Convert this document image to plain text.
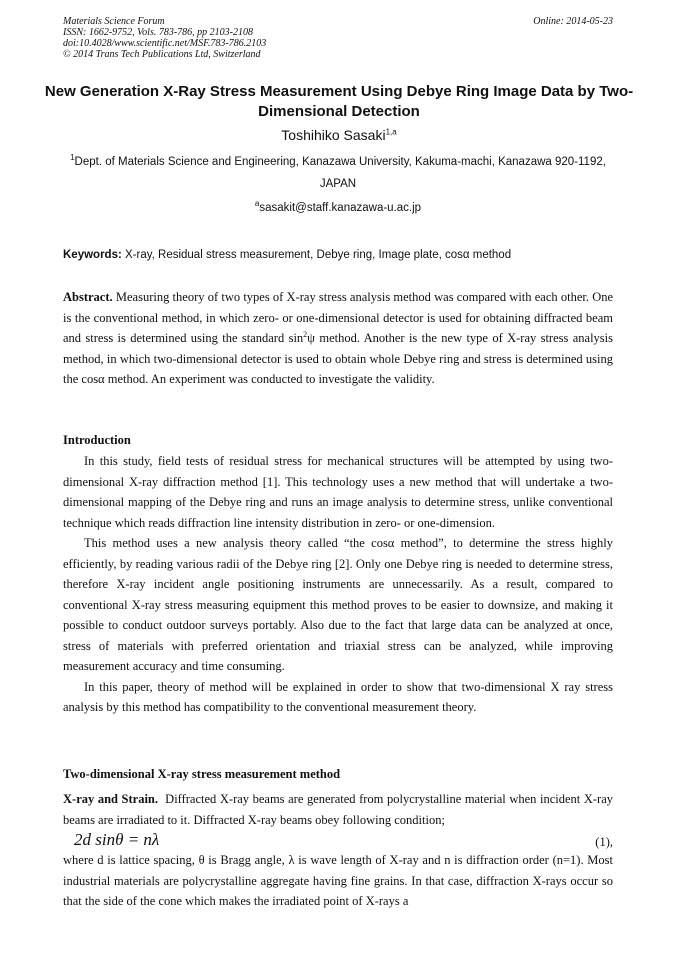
Materials Science Forum
ISSN: 1662-9752, Vols. 783-786, pp 2103-2108
doi:10.4028/www.scientific.net/MSF.783-786.2103
© 2014 Trans Tech Publications Ltd, Switzerland
Online: 2014-05-23
New Generation X-Ray Stress Measurement Using Debye Ring Image Data by Two-Dimensional Detection
Toshihiko Sasaki$^{1,a}$
$^1$Dept. of Materials Science and Engineering, Kanazawa University, Kakuma-machi, Kanazawa 920-1192, JAPAN
$^a$sasakit@staff.kanazawa-u.ac.jp
Keywords: X-ray, Residual stress measurement, Debye ring, Image plate, cosα method
Abstract. Measuring theory of two types of X-ray stress analysis method was compared with each other. One is the conventional method, in which zero- or one-dimensional detector is used for obtaining diffracted beam and stress is determined using the standard $\sin^2\psi$ method. Another is the new type of X-ray stress analysis method, in which two-dimensional detector is used to obtain whole Debye ring and stress is determined using the cosα method. An experiment was conducted to investigate the validity.
Introduction

In this study, field tests of residual stress for mechanical structures will be attempted by using two-dimensional X-ray diffraction method [1]. This technology uses a new method that will undertake a two-dimensional mapping of the Debye ring and runs an image analysis to determine stress, unlike conventional technique which reads diffraction line intensity distribution in zero- or one-dimension.

This method uses a new analysis theory called “the cosα method”, to determine the stress highly efficiently, by reading various radii of the Debye ring [2]. Only one Debye ring is needed to determine stress, therefore X-ray incident angle positioning instruments are unnecessarily. As a result, compared to conventional X-ray stress measuring equipment this method proves to be easier to downsize, and making it possible to conduct outdoor surveys portably. Also due to the fact that large data can be analyzed at once, stress of materials with preferred orientation and triaxial stress can be analyzed, while improving measurement accuracy and time consuming.

In this paper, theory of method will be explained in order to show that two-dimensional X ray stress analysis by this method has compatibility to the conventional measurement theory.

Two-dimensional X-ray stress measurement method
X-ray and Strain. Diffracted X-ray beams are generated from polycrystalline material when incident X-ray beams are irradiated to it. Diffracted X-ray beams obey following condition;
2d sinθ = nλ	(1),
where d is lattice spacing, θ is Bragg angle, λ is wave length of X-ray and n is diffraction order (n=1). Most industrial materials are polycrystalline aggregate having fine grains. In that case, diffraction X-rays occur so that the side of the cone which makes the irradiated point of X-rays a
